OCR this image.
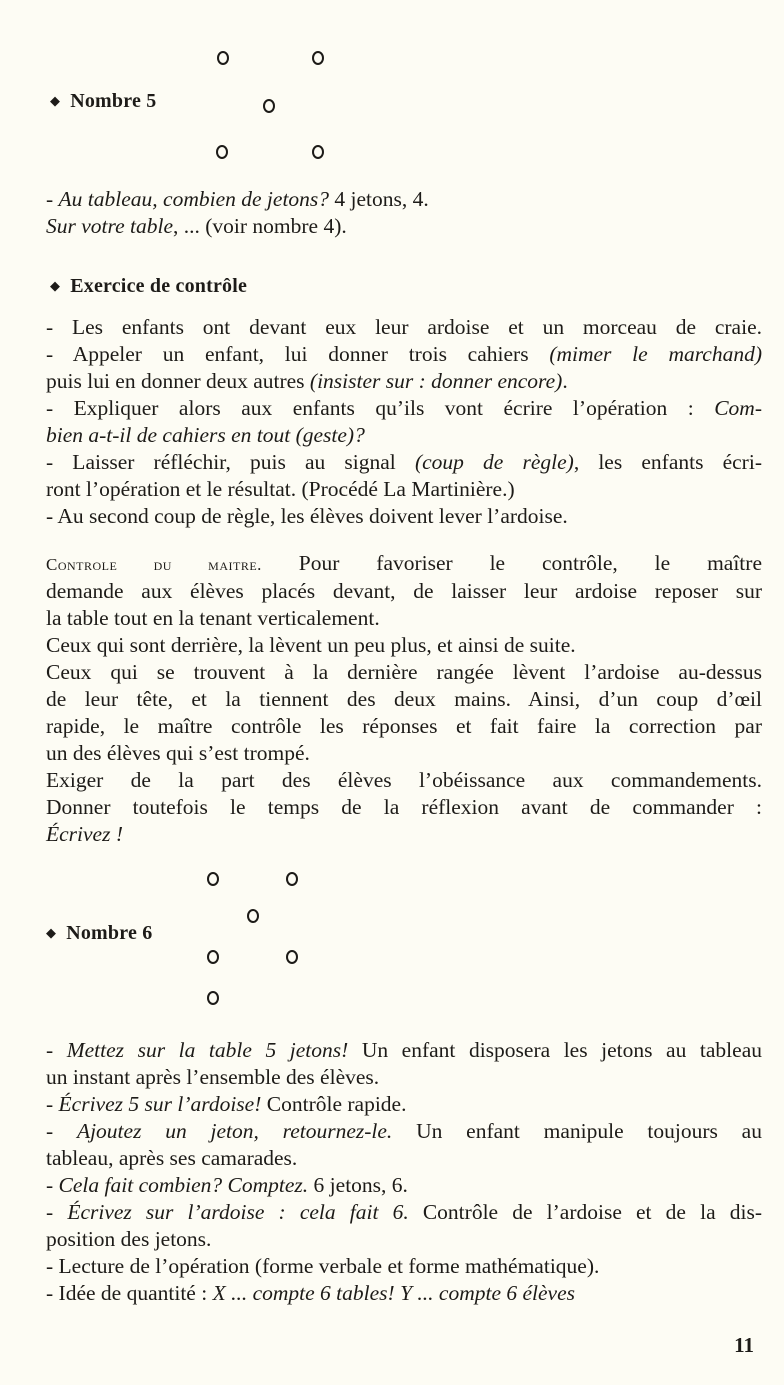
◆ Nombre 5
- Au tableau, combien de jetons? 4 jetons, 4.
Sur votre table, ... (voir nombre 4).
◆ Exercice de contrôle
- Les enfants ont devant eux leur ardoise et un morceau de craie.
- Appeler un enfant, lui donner trois cahiers (mimer le marchand)
puis lui en donner deux autres (insister sur : donner encore).
- Expliquer alors aux enfants qu’ils vont écrire l’opération : Com-
bien a-t-il de cahiers en tout (geste)?
- Laisser réfléchir, puis au signal (coup de règle), les enfants écri-
ront l’opération et le résultat. (Procédé La Martinière.)
- Au second coup de règle, les élèves doivent lever l’ardoise.
Controle du maitre. Pour favoriser le contrôle, le maître
demande aux élèves placés devant, de laisser leur ardoise reposer sur
la table tout en la tenant verticalement.
Ceux qui sont derrière, la lèvent un peu plus, et ainsi de suite.
Ceux qui se trouvent à la dernière rangée lèvent l’ardoise au-dessus
de leur tête, et la tiennent des deux mains. Ainsi, d’un coup d’œil
rapide, le maître contrôle les réponses et fait faire la correction par
un des élèves qui s’est trompé.
Exiger de la part des élèves l’obéissance aux commandements.
Donner toutefois le temps de la réflexion avant de commander :
Écrivez !
◆ Nombre 6
- Mettez sur la table 5 jetons! Un enfant disposera les jetons au tableau
un instant après l’ensemble des élèves.
- Écrivez 5 sur l’ardoise! Contrôle rapide.
- Ajoutez un jeton, retournez-le. Un enfant manipule toujours au
tableau, après ses camarades.
- Cela fait combien? Comptez. 6 jetons, 6.
- Écrivez sur l’ardoise : cela fait 6. Contrôle de l’ardoise et de la dis-
position des jetons.
- Lecture de l’opération (forme verbale et forme mathématique).
- Idée de quantité : X ... compte 6 tables! Y ... compte 6 élèves
11
